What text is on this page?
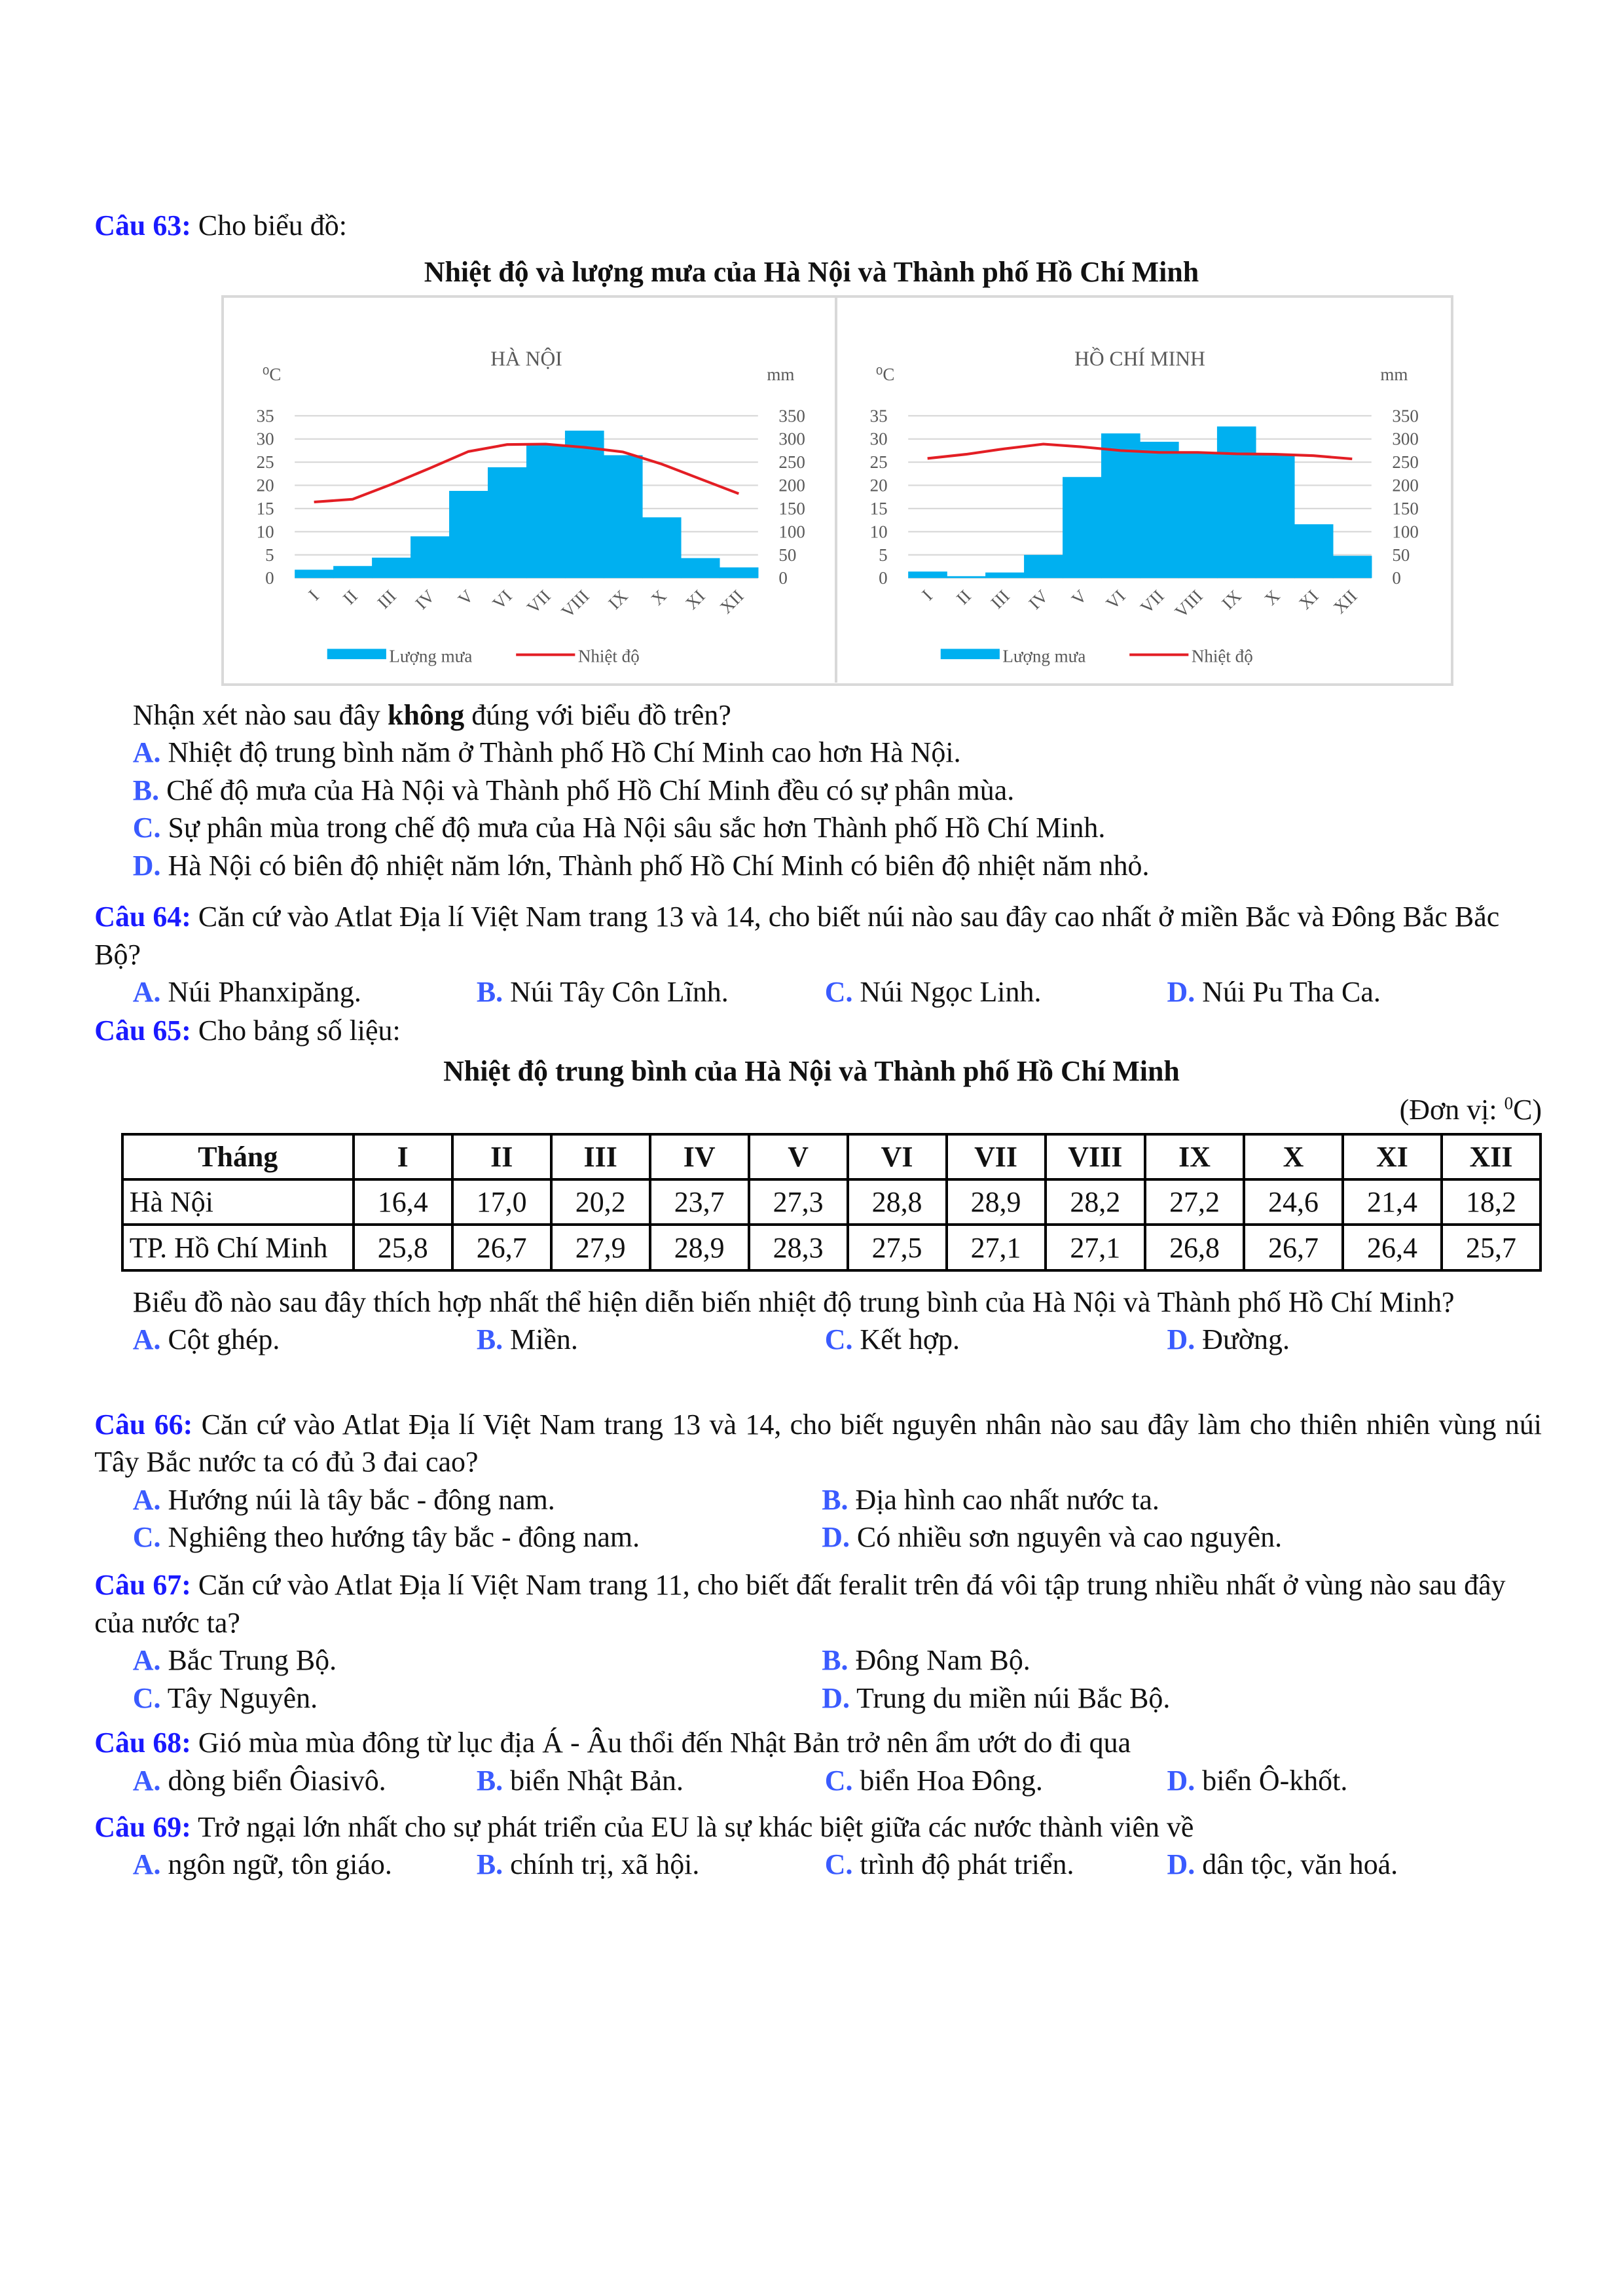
Câu 63: Cho biểu đồ:
Nhiệt độ và lượng mưa của Hà Nội và Thành phố Hồ Chí Minh
HÀ NỘI
⁰C	mm
0
5
10
15
20
25
30
35
0
50
100
150
200
250
300
350
I II III IV V VI VII VIII IX X XI XII
Lượng mưa	Nhiệt độ
HỒ CHÍ MINH
⁰C	mm
0
5
10
15
20
25
30
35
0
50
100
150
200
250
300
350
I II III IV V VI VII VIII IX X XI XII
Lượng mưa	Nhiệt độ
Nhận xét nào sau đây không đúng với biểu đồ trên?
A. Nhiệt độ trung bình năm ở Thành phố Hồ Chí Minh cao hơn Hà Nội.
B. Chế độ mưa của Hà Nội và Thành phố Hồ Chí Minh đều có sự phân mùa.
C. Sự phân mùa trong chế độ mưa của Hà Nội sâu sắc hơn Thành phố Hồ Chí Minh.
D. Hà Nội có biên độ nhiệt năm lớn, Thành phố Hồ Chí Minh có biên độ nhiệt năm nhỏ.
Câu 64: Căn cứ vào Atlat Địa lí Việt Nam trang 13 và 14, cho biết núi nào sau đây cao nhất ở miền Bắc và Đông Bắc Bắc Bộ?
A. Núi Phanxipăng.	B. Núi Tây Côn Lĩnh.	C. Núi Ngọc Linh.	D. Núi Pu Tha Ca.
Câu 65: Cho bảng số liệu:
Nhiệt độ trung bình của Hà Nội và Thành phố Hồ Chí Minh
(Đơn vị: $^0$C)
Tháng	I	II	III	IV	V	VI	VII	VIII	IX	X	XI	XII
Hà Nội	16,4	17,0	20,2	23,7	27,3	28,8	28,9	28,2	27,2	24,6	21,4	18,2
TP. Hồ Chí Minh	25,8	26,7	27,9	28,9	28,3	27,5	27,1	27,1	26,8	26,7	26,4	25,7
Biểu đồ nào sau đây thích hợp nhất thể hiện diễn biến nhiệt độ trung bình của Hà Nội và Thành phố Hồ Chí Minh?
A. Cột ghép.	B. Miền.	C. Kết hợp.	D. Đường.
Câu 66: Căn cứ vào Atlat Địa lí Việt Nam trang 13 và 14, cho biết nguyên nhân nào sau đây làm cho thiên nhiên vùng núi Tây Bắc nước ta có đủ 3 đai cao?
A. Hướng núi là tây bắc - đông nam.	B. Địa hình cao nhất nước ta.
C. Nghiêng theo hướng tây bắc - đông nam.	D. Có nhiều sơn nguyên và cao nguyên.
Câu 67: Căn cứ vào Atlat Địa lí Việt Nam trang 11, cho biết đất feralit trên đá vôi tập trung nhiều nhất ở vùng nào sau đây của nước ta?
A. Bắc Trung Bộ.	B. Đông Nam Bộ.
C. Tây Nguyên.	D. Trung du miền núi Bắc Bộ.
Câu 68: Gió mùa mùa đông từ lục địa Á - Âu thổi đến Nhật Bản trở nên ẩm ướt do đi qua
A. dòng biển Ôiasivô.	B. biển Nhật Bản.	C. biển Hoa Đông.	D. biển Ô-khốt.
Câu 69: Trở ngại lớn nhất cho sự phát triển của EU là sự khác biệt giữa các nước thành viên về
A. ngôn ngữ, tôn giáo.	B. chính trị, xã hội.	C. trình độ phát triển.	D. dân tộc, văn hoá.
